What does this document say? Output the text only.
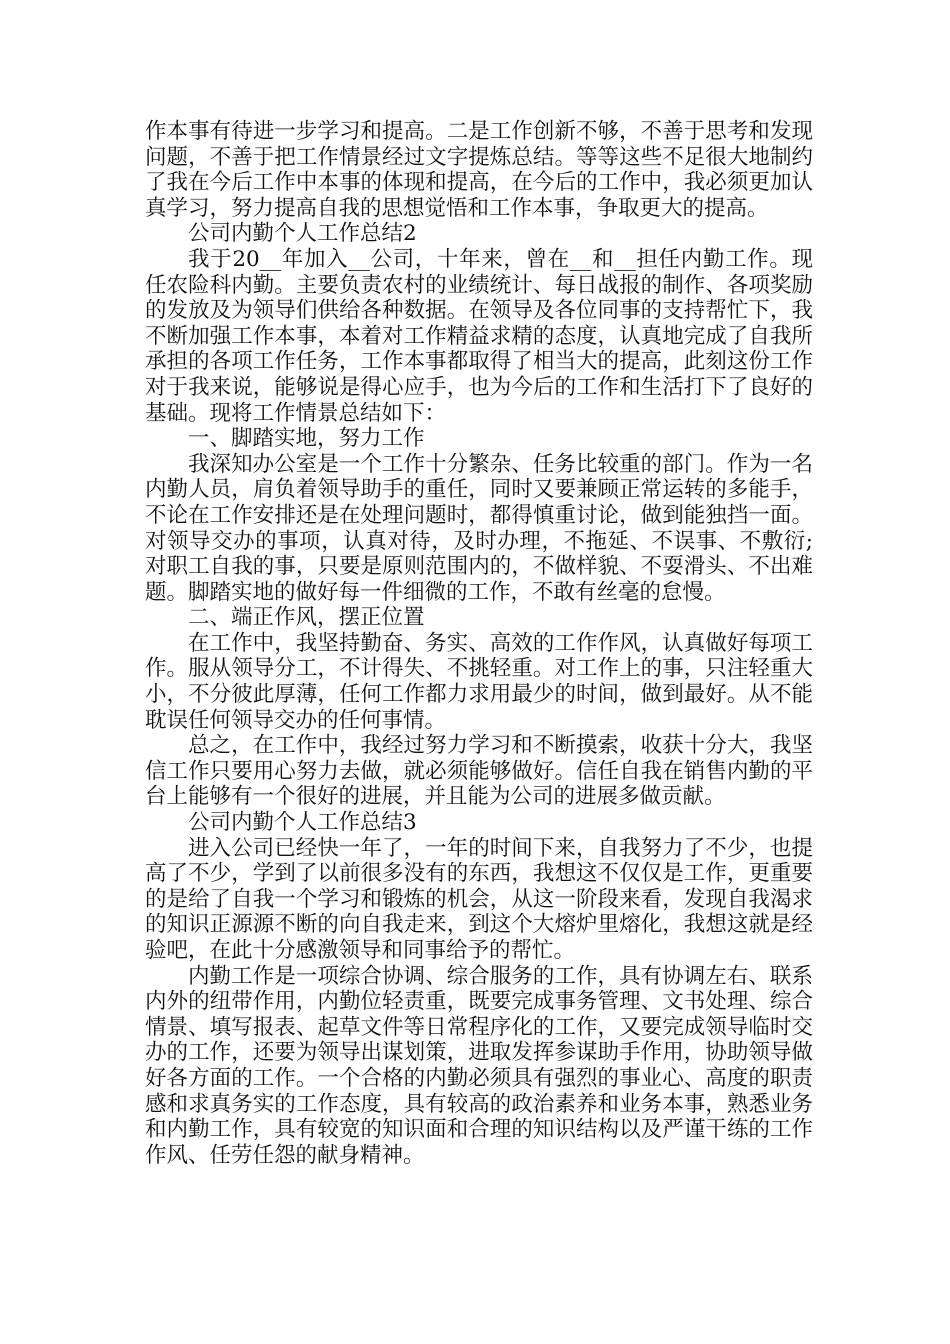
作本事有待进一步学习和提高。二是工作创新不够，不善于思考和发现问题，不善于把工作情景经过文字提炼总结。等等这些不足很大地制约了我在今后工作中本事的体现和提高，在今后的工作中，我必须更加认真学习，努力提高自我的思想觉悟和工作本事，争取更大的提高。

公司内勤个人工作总结2

我于20__年加入__公司，十年来，曾在__和__担任内勤工作。现任农险科内勤。主要负责农村的业绩统计、每日战报的制作、各项奖励的发放及为领导们供给各种数据。在领导及各位同事的支持帮忙下，我不断加强工作本事，本着对工作精益求精的态度，认真地完成了自我所承担的各项工作任务，工作本事都取得了相当大的提高，此刻这份工作对于我来说，能够说是得心应手，也为今后的工作和生活打下了良好的基础。现将工作情景总结如下：

一、脚踏实地，努力工作

我深知办公室是一个工作十分繁杂、任务比较重的部门。作为一名内勤人员，肩负着领导助手的重任，同时又要兼顾正常运转的多能手，不论在工作安排还是在处理问题时，都得慎重讨论，做到能独挡一面。对领导交办的事项，认真对待，及时办理，不拖延、不误事、不敷衍;对职工自我的事，只要是原则范围内的，不做样貌、不耍滑头、不出难题。脚踏实地的做好每一件细微的工作，不敢有丝毫的怠慢。

二、端正作风，摆正位置

在工作中，我坚持勤奋、务实、高效的工作作风，认真做好每项工作。服从领导分工，不计得失、不挑轻重。对工作上的事，只注轻重大小，不分彼此厚薄，任何工作都力求用最少的时间，做到最好。从不能耽误任何领导交办的任何事情。

总之，在工作中，我经过努力学习和不断摸索，收获十分大，我坚信工作只要用心努力去做，就必须能够做好。信任自我在销售内勤的平台上能够有一个很好的进展，并且能为公司的进展多做贡献。

公司内勤个人工作总结3

进入公司已经快一年了，一年的时间下来，自我努力了不少，也提高了不少，学到了以前很多没有的东西，我想这不仅仅是工作，更重要的是给了自我一个学习和锻炼的机会，从这一阶段来看，发现自我渴求的知识正源源不断的向自我走来，到这个大熔炉里熔化，我想这就是经验吧，在此十分感激领导和同事给予的帮忙。

内勤工作是一项综合协调、综合服务的工作，具有协调左右、联系内外的纽带作用，内勤位轻责重，既要完成事务管理、文书处理、综合情景、填写报表、起草文件等日常程序化的工作，又要完成领导临时交办的工作，还要为领导出谋划策，进取发挥参谋助手作用，协助领导做好各方面的工作。一个合格的内勤必须具有强烈的事业心、高度的职责感和求真务实的工作态度，具有较高的政治素养和业务本事，熟悉业务和内勤工作，具有较宽的知识面和合理的知识结构以及严谨干练的工作作风、任劳任怨的献身精神。
